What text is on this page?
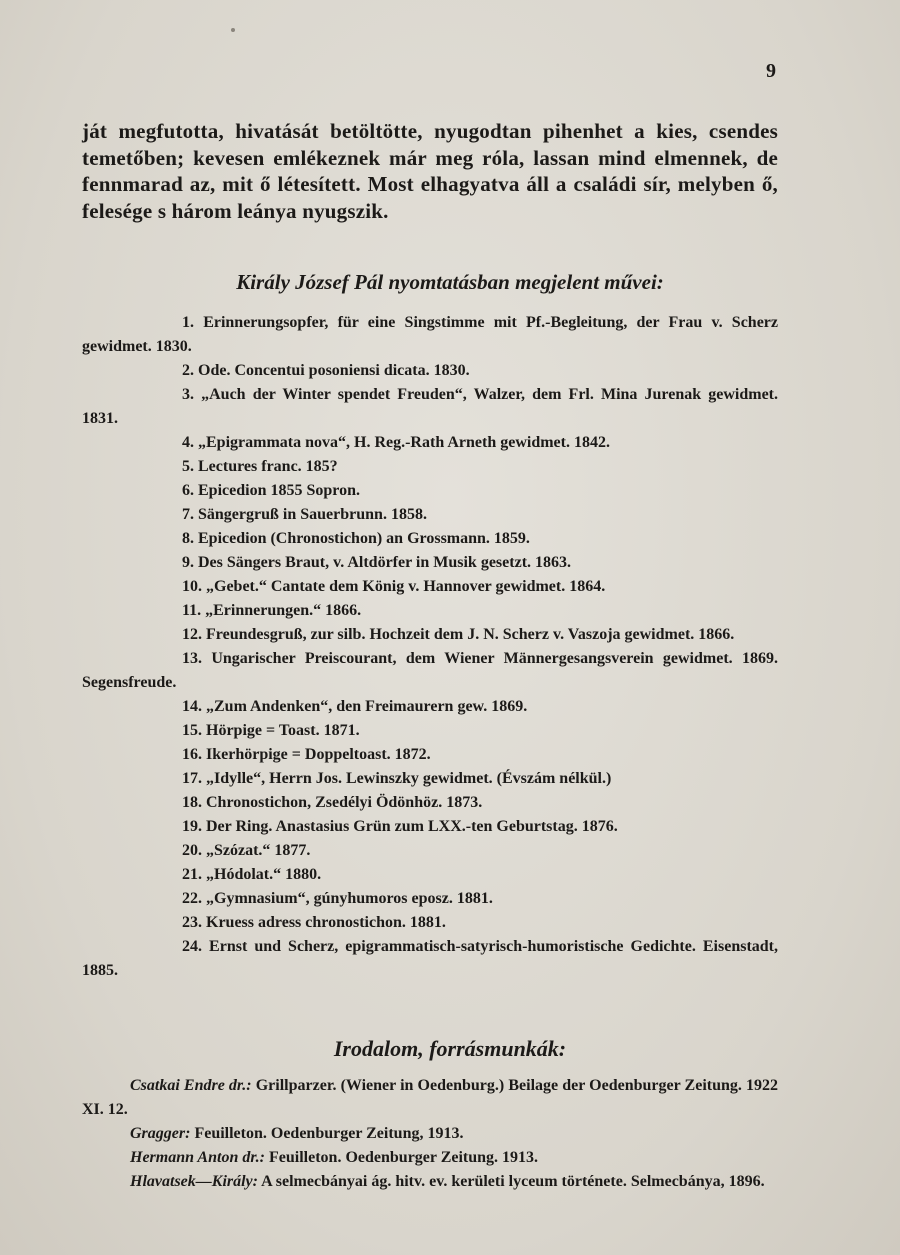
9
ját megfutotta, hivatását betöltötte, nyugodtan pihenhet a kies, csendes temetőben; kevesen emlékeznek már meg róla, lassan mind elmennek, de fennmarad az, mit ő létesített. Most elhagyatva áll a családi sír, melyben ő, felesége s három leánya nyugszik.
Király József Pál nyomtatásban megjelent művei:
1. Erinnerungsopfer, für eine Singstimme mit Pf.-Begleitung, der Frau v. Scherz gewidmet. 1830.
2. Ode. Concentui posoniensi dicata. 1830.
3. „Auch der Winter spendet Freuden“, Walzer, dem Frl. Mina Jurenak gewidmet. 1831.
4. „Epigrammata nova“, H. Reg.-Rath Arneth gewidmet. 1842.
5. Lectures franc. 185?
6. Epicedion 1855 Sopron.
7. Sängergruß in Sauerbrunn. 1858.
8. Epicedion (Chronostichon) an Grossmann. 1859.
9. Des Sängers Braut, v. Altdörfer in Musik gesetzt. 1863.
10. „Gebet.“ Cantate dem König v. Hannover gewidmet. 1864.
11. „Erinnerungen.“ 1866.
12. Freundesgruß, zur silb. Hochzeit dem J. N. Scherz v. Vaszoja gewidmet. 1866.
13. Ungarischer Preiscourant, dem Wiener Männergesangsverein gewidmet. 1869. Segensfreude.
14. „Zum Andenken“, den Freimaurern gew. 1869.
15. Hörpige = Toast. 1871.
16. Ikerhörpige = Doppeltoast. 1872.
17. „Idylle“, Herrn Jos. Lewinszky gewidmet. (Évszám nélkül.)
18. Chronostichon, Zsedélyi Ödönhöz. 1873.
19. Der Ring. Anastasius Grün zum LXX.-ten Geburtstag. 1876.
20. „Szózat.“ 1877.
21. „Hódolat.“ 1880.
22. „Gymnasium“, gúnyhumoros eposz. 1881.
23. Kruess adress chronostichon. 1881.
24. Ernst und Scherz, epigrammatisch-satyrisch-humoristische Gedichte. Eisenstadt, 1885.
Irodalom, forrásmunkák:
Csatkai Endre dr.: Grillparzer. (Wiener in Oedenburg.) Beilage der Oedenburger Zeitung. 1922 XI. 12.
Gragger: Feuilleton. Oedenburger Zeitung, 1913.
Hermann Anton dr.: Feuilleton. Oedenburger Zeitung. 1913.
Hlavatsek—Király: A selmecbányai ág. hitv. ev. kerületi lyceum története. Selmecbánya, 1896.
